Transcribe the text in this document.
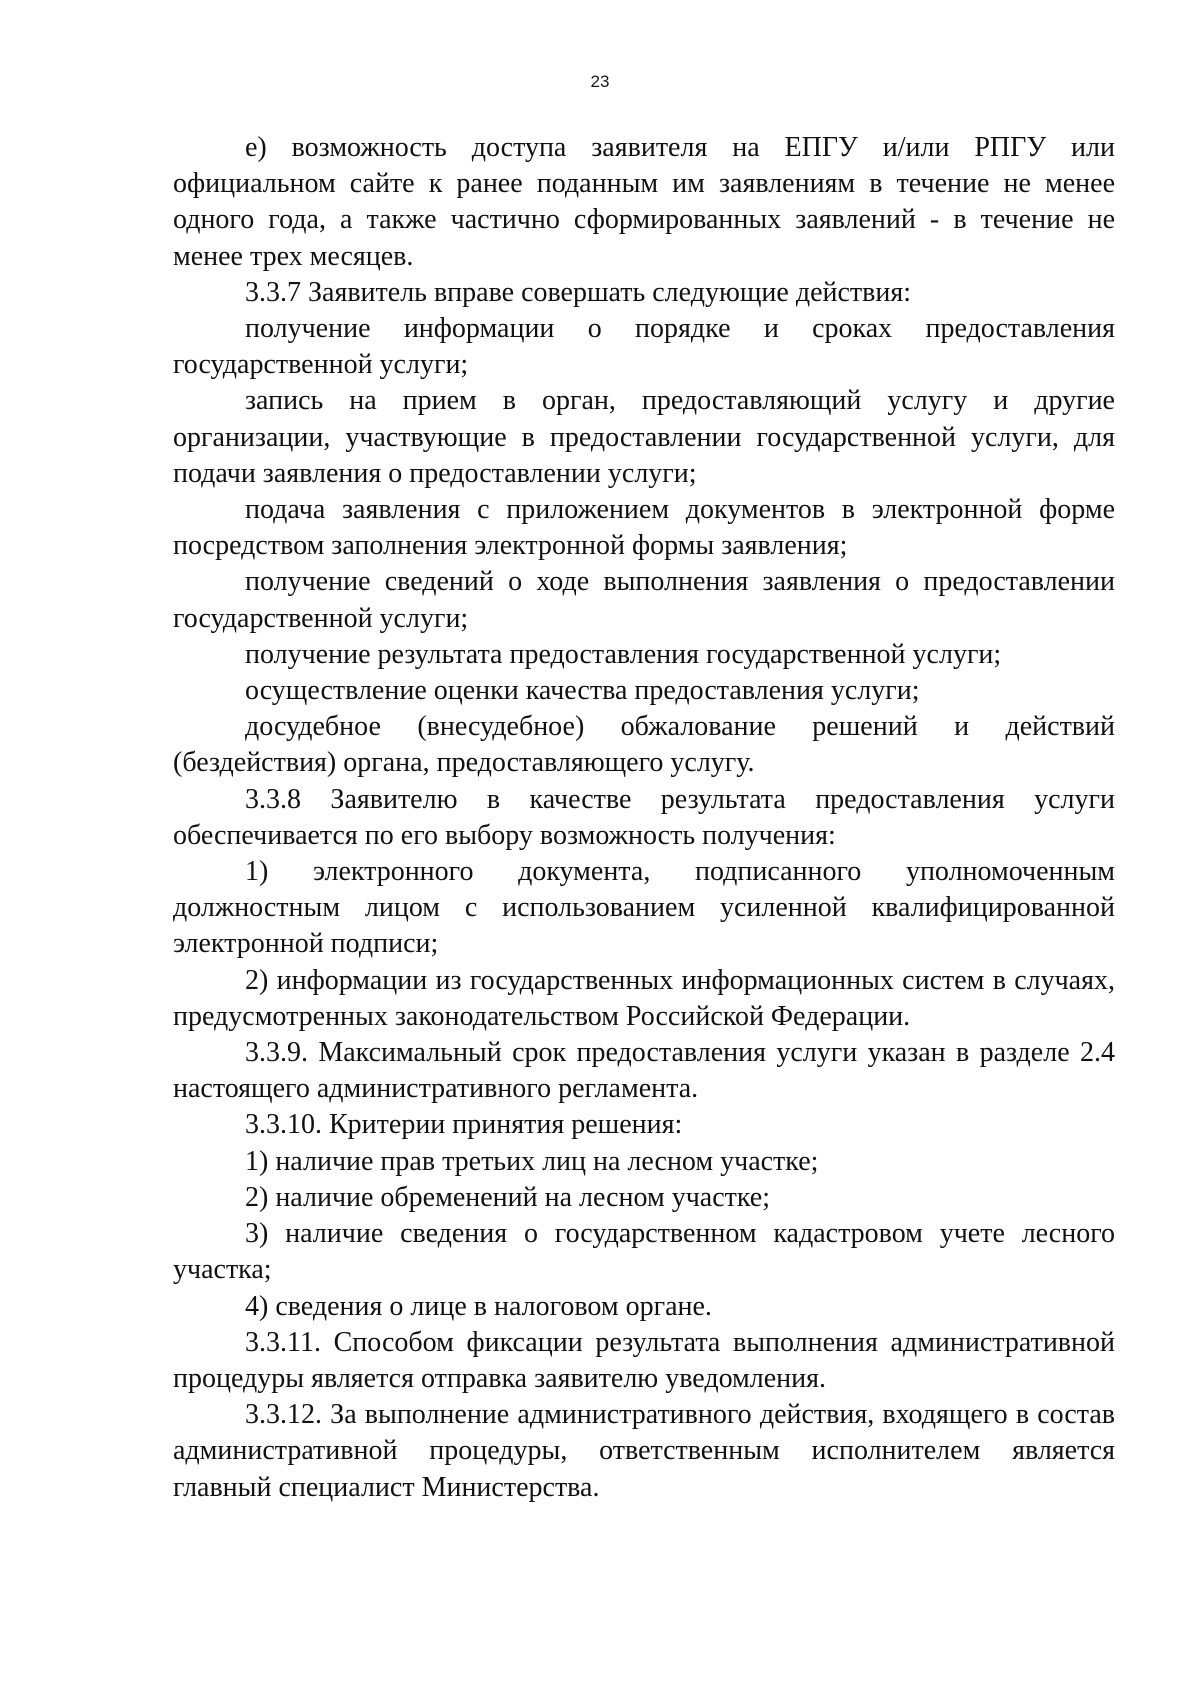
23

е) возможность доступа заявителя на ЕПГУ и/или РПГУ или официальном сайте к ранее поданным им заявлениям в течение не менее одного года, а также частично сформированных заявлений - в течение не менее трех месяцев.

3.3.7 Заявитель вправе совершать следующие действия:

получение информации о порядке и сроках предоставления государственной услуги;

запись на прием в орган, предоставляющий услугу и другие организации, участвующие в предоставлении государственной услуги, для подачи заявления о предоставлении услуги;

подача заявления с приложением документов в электронной форме посредством заполнения электронной формы заявления;

получение сведений о ходе выполнения заявления о предоставлении государственной услуги;

получение результата предоставления государственной услуги;

осуществление оценки качества предоставления услуги;

досудебное (внесудебное) обжалование решений и действий (бездействия) органа, предоставляющего услугу.

3.3.8 Заявителю в качестве результата предоставления услуги обеспечивается по его выбору возможность получения:

1) электронного документа, подписанного уполномоченным должностным лицом с использованием усиленной квалифицированной электронной подписи;

2) информации из государственных информационных систем в случаях, предусмотренных законодательством Российской Федерации.

3.3.9. Максимальный срок предоставления услуги указан в разделе 2.4 настоящего административного регламента.

3.3.10. Критерии принятия решения:

1) наличие прав третьих лиц на лесном участке;

2) наличие обременений на лесном участке;

3) наличие сведения о государственном кадастровом учете лесного участка;

4) сведения о лице в налоговом органе.

3.3.11. Способом фиксации результата выполнения административной процедуры является отправка заявителю уведомления.

3.3.12. За выполнение административного действия, входящего в состав административной процедуры, ответственным исполнителем является главный специалист Министерства.
